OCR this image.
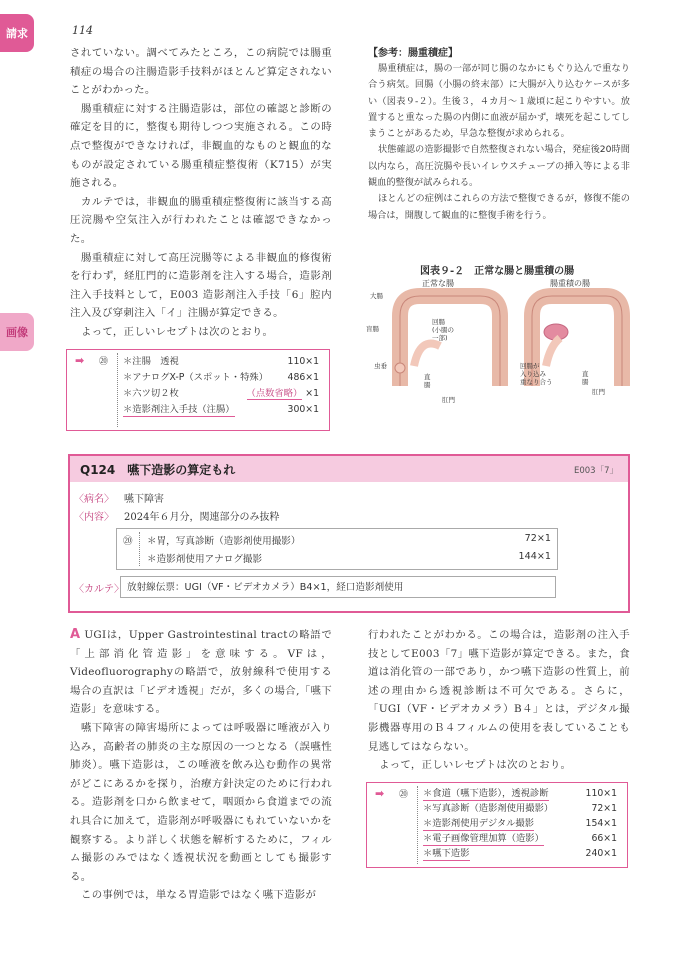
請求
画像
114

されていない。調べてみたところ，この病院では腸重積症の場合の注腸造影手技料がほとんど算定されないことがわかった。

腸重積症に対する注腸造影は，部位の確認と診断の確定を目的に，整復も期待しつつ実施される。この時点で整復ができなければ，非観血的なものと観血的なものが設定されている腸重積症整復術（K715）が実施される。

カルテでは，非観血的腸重積症整復術に該当する高圧浣腸や空気注入が行われたことは確認できなかった。

腸重積症に対して高圧浣腸等による非観血的修復術を行わず，経肛門的に造影剤を注入する場合，造影剤注入手技料として，E003 造影剤注入手技「6」腔内注入及び穿刺注入「イ」注腸が算定できる。

よって，正しいレセプトは次のとおり。

➡ ⑳ ＊注腸　透視	110×1
＊アナログX-P（スポット・特殊） 486×1
＊六ツ切２枚	（点数省略） ×1
＊造影剤注入手技（注腸）	300×1
【参考：腸重積症】

腸重積症は，腸の一部が同じ腸のなかにもぐり込んで重なり合う病気。回腸（小腸の終末部）に大腸が入り込むケースが多い（図表９-２）。生後３，４カ月～１歳頃に起こりやすい。放置すると重なった腸の内側に血液が届かず，壊死を起こしてしまうことがあるため，早急な整復が求められる。

状態確認の造影撮影で自然整復されない場合，発症後20時間以内なら，高圧浣腸や長いイレウスチューブの挿入等による非観血的整復が試みられる。

ほとんどの症例はこれらの方法で整復できるが，修復不能の場合は，開腹して観血的に整復手術を行う。

図表９-２　正常な腸と腸重積の腸
正常な腸	腸重積の腸
大腸
盲腸
回腸(小腸の一部)
虫垂
直腸
肛門
回腸が入り込み重なり合う
直腸
肛門
Q124　嚥下造影の算定もれ	E003「7」
〈病名〉 嚥下障害
〈内容〉 2024年６月分，関連部分のみ抜粋
⑳ ＊胃，写真診断（造影剤使用撮影）	72×1
＊造影剤使用アナログ撮影	144×1
〈カルテ〉 放射線伝票：UGI（VF・ビデオカメラ）B4×1，経口造影剤使用

A UGIは，Upper Gastrointestinal tractの略語で「上部消化管造影」を意味する。VFは，Videofluorographyの略語で，放射線科で使用する場合の直訳は「ビデオ透視」だが，多くの場合,「嚥下造影」を意味する。

嚥下障害の障害場所によっては呼吸器に唾液が入り込み，高齢者の肺炎の主な原因の一つとなる（誤嚥性肺炎）。嚥下造影は，この唾液を飲み込む動作の異常がどこにあるかを探り，治療方針決定のために行われる。造影剤を口から飲ませて，咽頭から食道までの流れ具合に加えて，造影剤が呼吸器にもれていないかを観察する。より詳しく状態を解析するために，フィルム撮影のみではなく透視状況を動画としても撮影する。

この事例では，単なる胃造影ではなく嚥下造影が

行われたことがわかる。この場合は，造影剤の注入手技としてE003「7」嚥下造影が算定できる。また，食道は消化管の一部であり，かつ嚥下造影の性質上，前述の理由から透視診断は不可欠である。さらに，「UGI（VF・ビデオカメラ）B４」とは，デジタル撮影機器専用のＢ４フィルムの使用を表していることも見逃してはならない。

よって，正しいレセプトは次のとおり。

➡ ⑳ ＊食道（嚥下造影），透視診断	110×1
＊写真診断（造影剤使用撮影）	72×1
＊造影剤使用デジタル撮影	154×1
＊電子画像管理加算（造影）	66×1
＊嚥下造影	240×1
